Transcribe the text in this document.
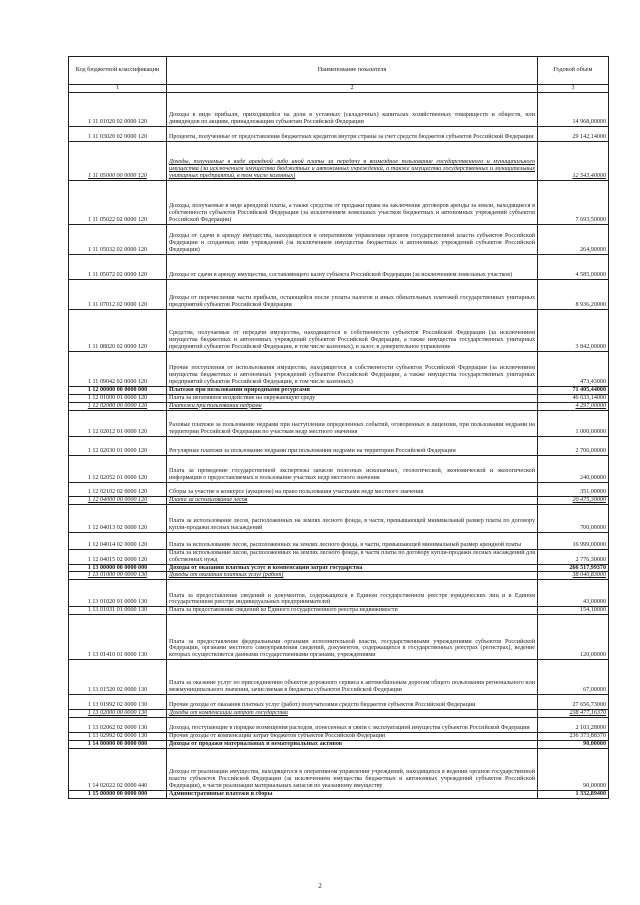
Код бюджетной классификации	Наименование показателя	Годовой объем
1	2	3
1 11 01020 02 0000 120	Доходы в виде прибыли, приходящейся на доли в уставных (складочных) капиталах хозяйственных товариществ и обществ, или дивидендов по акциям, принадлежащим субъектам Российской Федерации	14 968,00000
1 11 03020 02 0000 120	Проценты, полученные от предоставления бюджетных кредитов внутри страны за счет средств бюджетов субъектов Российской Федерации	29 142,14000
1 11 05000 00 0000 120	Доходы, получаемые в виде арендной либо иной платы за передачу в возмездное пользование государственного и муниципального имущества (за исключением имущества бюджетных и автономных учреждений, а также имущества государственных и муниципальных унитарных предприятий, в том числе казенных)	12 543,40000
1 11 05022 02 0000 120	Доходы, получаемые в виде арендной платы, а также средства от продажи права на заключение договоров аренды за земли, находящиеся в собственности субъектов Российской Федерации (за исключением земельных участков бюджетных и автономных учреждений субъектов Российской Федерации)	7 693,50000
1 11 05032 02 0000 120	Доходы от сдачи в аренду имущества, находящегося в оперативном управлении органов государственной власти субъектов Российской Федерации и созданных ими учреждений (за исключением имущества бюджетных и автономных учреждений субъектов Российской Федерации)	264,90000
1 11 05072 02 0000 120	Доходы от сдачи в аренду имущества, составляющего казну субъекта Российской Федерации (за исключением земельных участков)	4 585,00000
1 11 07012 02 0000 120	Доходы от перечисления части прибыли, остающейся после уплаты налогов и иных обязательных платежей государственных унитарных предприятий субъектов Российской Федерации	8 936,20000
1 11 08020 02 0000 120	Средства, получаемые от передачи имущества, находящегося в собственности субъектов Российской Федерации (за исключением имущества бюджетных и автономных учреждений субъектов Российской Федерации, а также имущества государственных унитарных предприятий субъектов Российской Федерации, в том числе казенных), в залог, в доверительное управление	3 842,00000
1 11 09042 02 0000 120	Прочие поступления от использования имущества, находящегося в собственности субъектов Российской Федерации (за исключением имущества бюджетных и автономных учреждений субъектов Российской Федерации, а также имущества государственных унитарных предприятий субъектов Российской Федерации, в том числе казенных)	473,43000
1 12 00000 00 0000 000	Платежи при пользовании природными ресурсами	71 405,44000
1 12 01000 01 0000 120	Плата за негативное воздействие на окружающую среду	46 633,14000
1 12 02000 00 0000 120	Платежи при пользовании недрами	4 297,00000
1 12 02012 01 0000 120	Разовые платежи за пользование недрами при наступлении определенных событий, оговоренных в лицензии, при пользовании недрами на территории Российской Федерации по участкам недр местного значения	1 000,00000
1 12 02030 01 0000 120	Регулярные платежи за пользование недрами при пользовании недрами на территории Российской Федерации	2 706,00000
1 12 02052 01 0000 120	Плата за проведение государственной экспертизы запасов полезных ископаемых, геологической, экономической и экологической информации о предоставляемых в пользование участках недр местного значения	240,00000
1 12 02102 02 0000 120	Сборы за участие в конкурсе (аукционе) на право пользования участками недр местного значения	351,00000
1 12 04000 00 0000 120	Плата за использование лесов	20 475,30000
1 12 04013 02 0000 120	Плата за использование лесов, расположенных на землях лесного фонда, в части, превышающей минимальный размер платы по договору купли-продажи лесных насаждений	700,00000
1 12 04014 02 0000 120	Плата за использование лесов, расположенных на землях лесного фонда, в части, превышающей минимальный размер арендной платы	16 999,00000
1 12 04015 02 0000 120	Плата за использование лесов, расположенных на землях лесного фонда, в части платы по договору купли-продажи лесных насаждений для собственных нужд	2 776,30000
1 13 00000 00 0000 000	Доходы от оказания платных услуг и компенсации затрат государства	266 517,99370
1 13 01000 00 0000 130	Доходы от оказания платных услуг (работ)	38 040,83000
1 13 01020 01 0000 130	Плата за предоставление сведений и документов, содержащихся в Едином государственном реестре юридических лиц и в Едином государственном реестре индивидуальных предпринимателей	43,00000
1 13 01031 01 0000 130	Плата за предоставление сведений из Единого государственного реестра недвижимости	154,10000
1 13 01410 01 0000 130	Плата за предоставление федеральными органами исполнительной власти, государственными учреждениями субъектов Российской Федерации, органами местного самоуправления сведений, документов, содержащихся в государственных реестрах (регистрах), ведение которых осуществляется данными государственными органами, учреждениями	120,00000
1 13 01520 02 0000 130	Плата за оказание услуг по присоединению объектов дорожного сервиса к автомобильным дорогам общего пользования регионального или межмуниципального значения, зачисляемая в бюджеты субъектов Российской Федерации	67,00000
1 13 01992 02 0000 130	Прочие доходы от оказания платных услуг (работ) получателями средств бюджетов субъектов Российской Федерации	27 656,73000
1 13 02000 00 0000 130	Доходы от компенсации затрат государства	238 477,16370
1 13 02062 02 0000 130	Доходы, поступающие в порядке возмещения расходов, понесенных в связи с эксплуатацией имущества субъектов Российской Федерации	2 103,28000
1 13 02992 02 0000 130	Прочие доходы от компенсации затрат бюджетов субъектов Российской Федерации	236 373,88370
1 14 00000 00 0000 000	Доходы от продажи материальных и нематериальных активов	90,00000
1 14 02022 02 0000 440	Доходы от реализации имущества, находящегося в оперативном управлении учреждений, находящихся в ведении органов государственной власти субъектов Российской Федерации (за исключением имущества бюджетных и автономных учреждений субъектов Российской Федерации), в части реализации материальных запасов по указанному имуществу	90,00000
1 15 00000 00 0000 000	Административные платежи и сборы	1 332,89400
2
